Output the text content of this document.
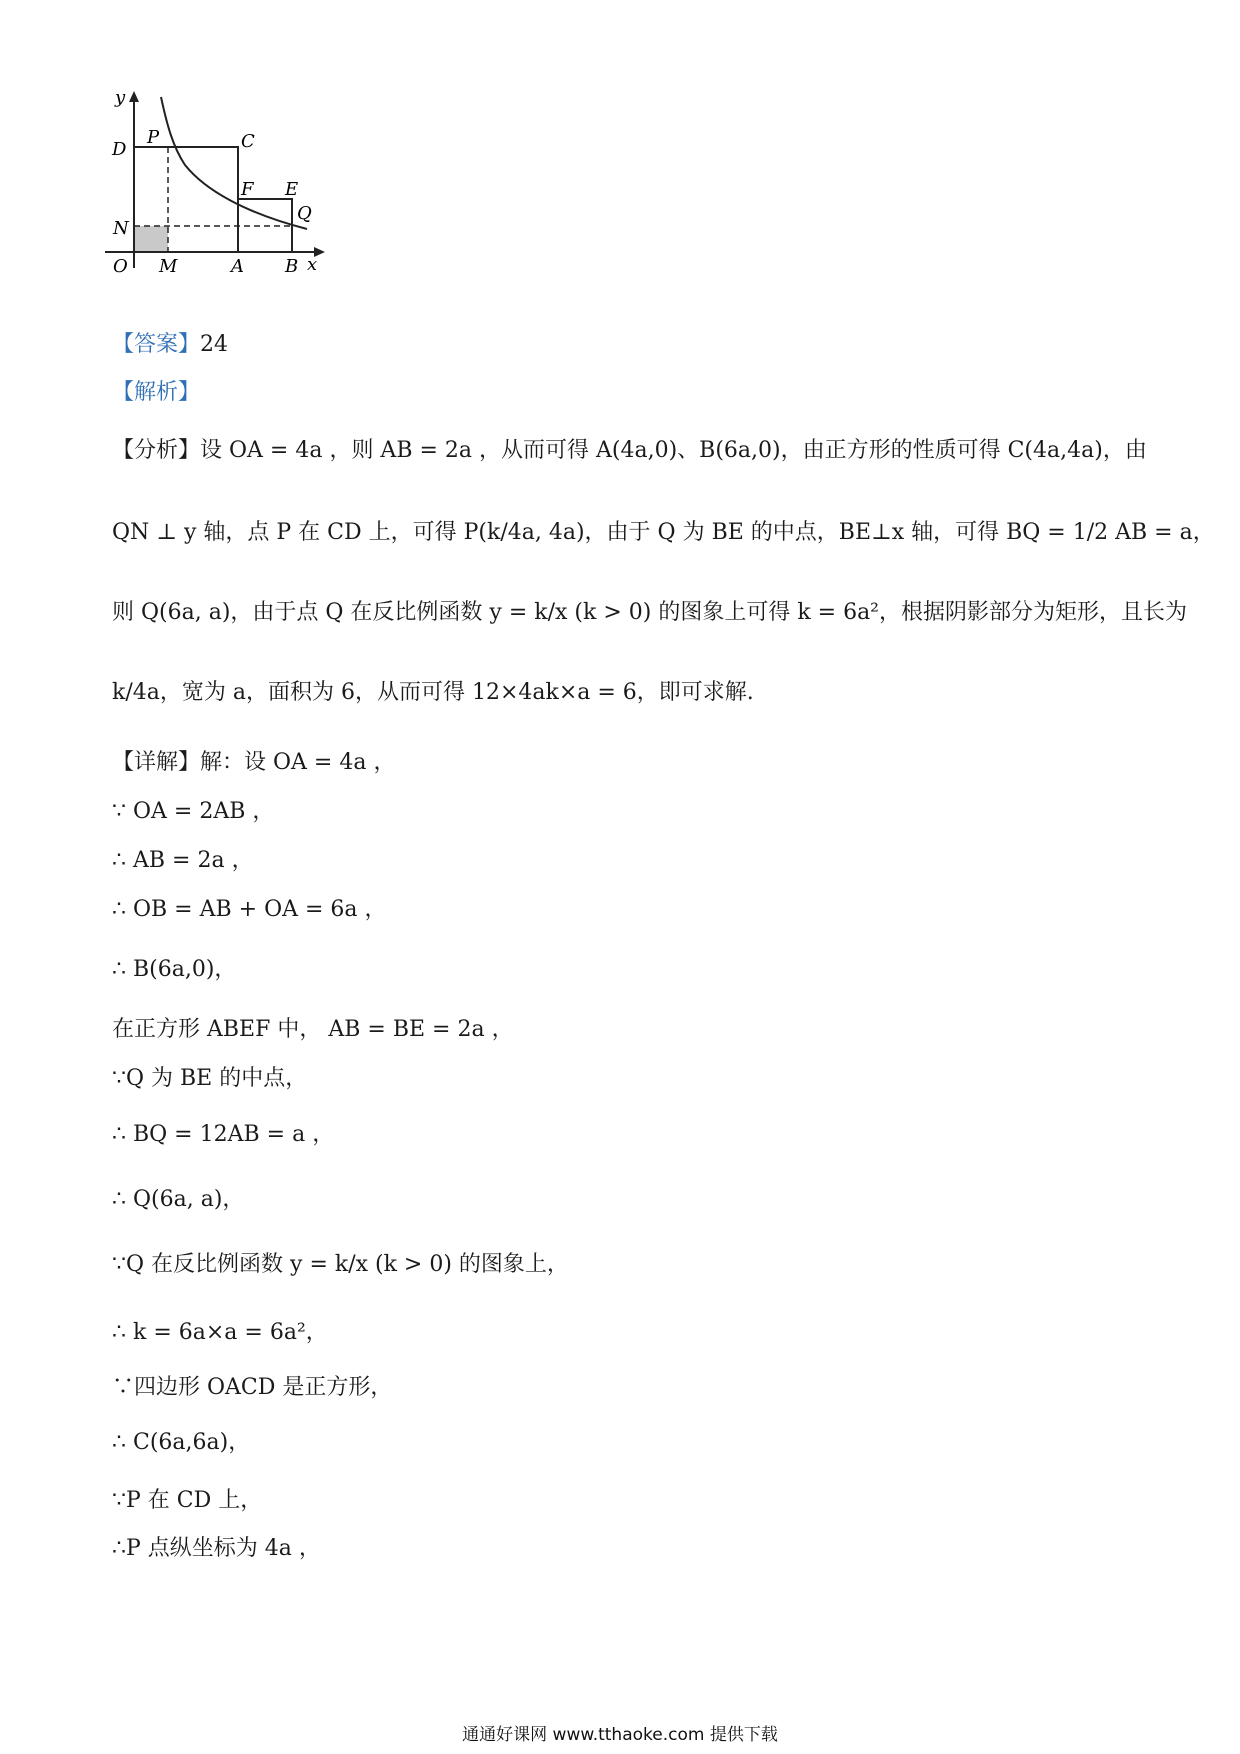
y
D
P	C
F E
Q
N
O M	A B x
【答案】24
【解析】
【分析】设 OA = 4a ，则 AB = 2a ，从而可得 A(4a,0)、B(6a,0)，由正方形的性质可得 C(4a,4a)，由
QN ⊥ y 轴，点 P 在 CD 上，可得 P(k/4a, 4a)，由于 Q 为 BE 的中点，BE⊥x 轴，可得 BQ = 1/2 AB = a，
则 Q(6a, a)，由于点 Q 在反比例函数 y = k/x (k > 0) 的图象上可得 k = 6a²，根据阴影部分为矩形，且长为
k/4a，宽为 a，面积为 6，从而可得 12×4ak×a = 6，即可求解.
【详解】解：设 OA = 4a ，
∵ OA = 2AB ，
∴ AB = 2a ，
∴ OB = AB + OA = 6a ，
∴ B(6a,0)，
在正方形 ABEF 中， AB = BE = 2a ，
∵Q 为 BE 的中点，
∴ BQ = 12AB = a ，
∴ Q(6a, a)，
∵Q 在反比例函数 y = k/x (k > 0) 的图象上，
∴ k = 6a×a = 6a²，
∵四边形 OACD 是正方形，
∴ C(6a,6a)，
∵P 在 CD 上，
∴P 点纵坐标为 4a ，
通通好课网 www.tthaoke.com 提供下载
